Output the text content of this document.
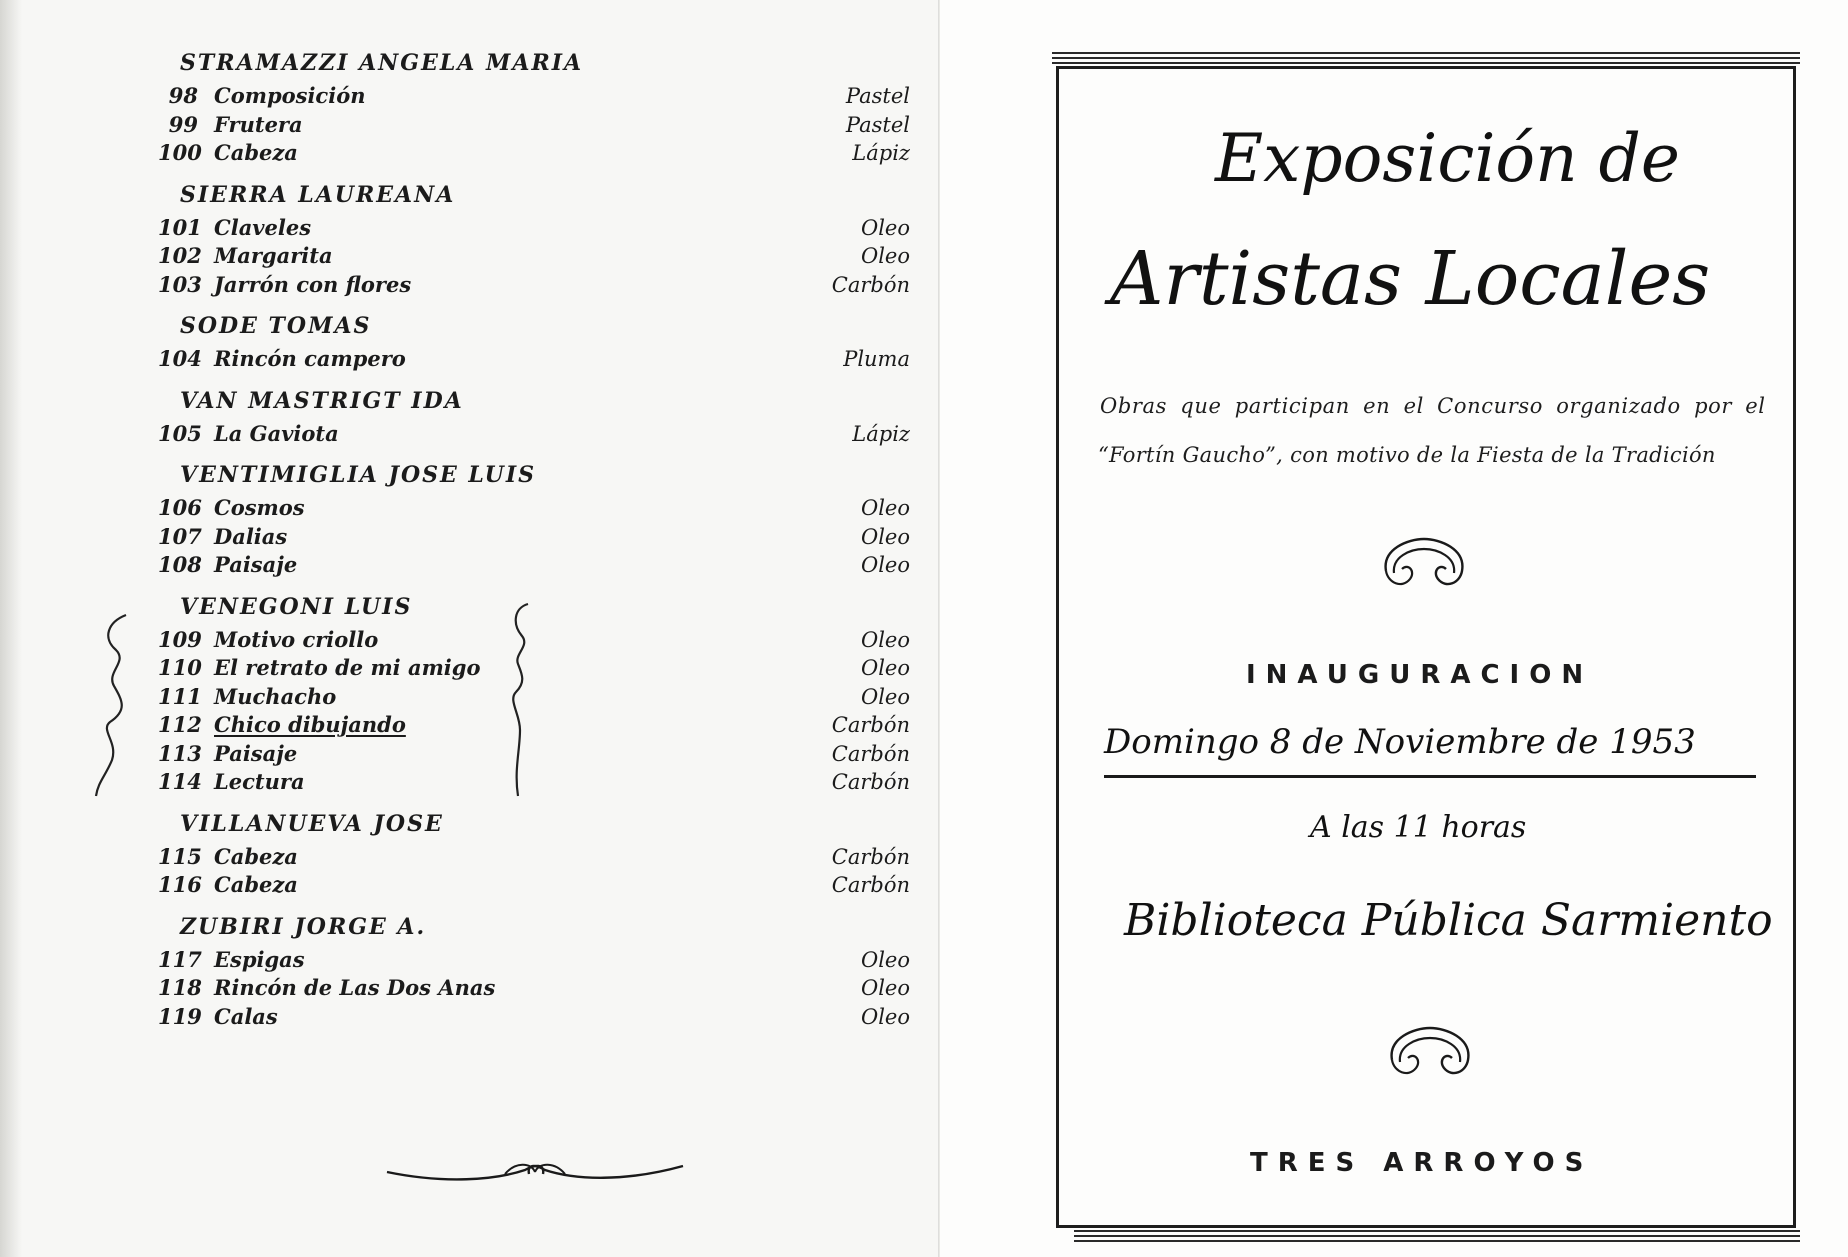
STRAMAZZI ANGELA MARIA
98 Composición	Pastel
99 Frutera	Pastel
100 Cabeza	Lápiz
SIERRA LAUREANA
101 Claveles	Oleo
102 Margarita	Oleo
103 Jarrón con flores	Carbón
SODE TOMAS
104 Rincón campero	Pluma
VAN MASTRIGT IDA
105 La Gaviota	Lápiz
VENTIMIGLIA JOSE LUIS
106 Cosmos	Oleo
107 Dalias	Oleo
108 Paisaje	Oleo
VENEGONI LUIS
109 Motivo criollo	Oleo
110 El retrato de mi amigo	Oleo
111 Muchacho	Oleo
112 Chico dibujando	Carbón
113 Paisaje	Carbón
114 Lectura	Carbón
VILLANUEVA JOSE
115 Cabeza	Carbón
116 Cabeza	Carbón
ZUBIRI JORGE A.
117 Espigas	Oleo
118 Rincón de Las Dos Anas	Oleo
119 Calas	Oleo
Exposición de
Artistas Locales
Obras que participan en el Concurso organizado por el
“Fortín Gaucho”, con motivo de la Fiesta de la Tradición
INAUGURACION
Domingo 8 de Noviembre de 1953
A las 11 horas
Biblioteca Pública Sarmiento
TRES ARROYOS
